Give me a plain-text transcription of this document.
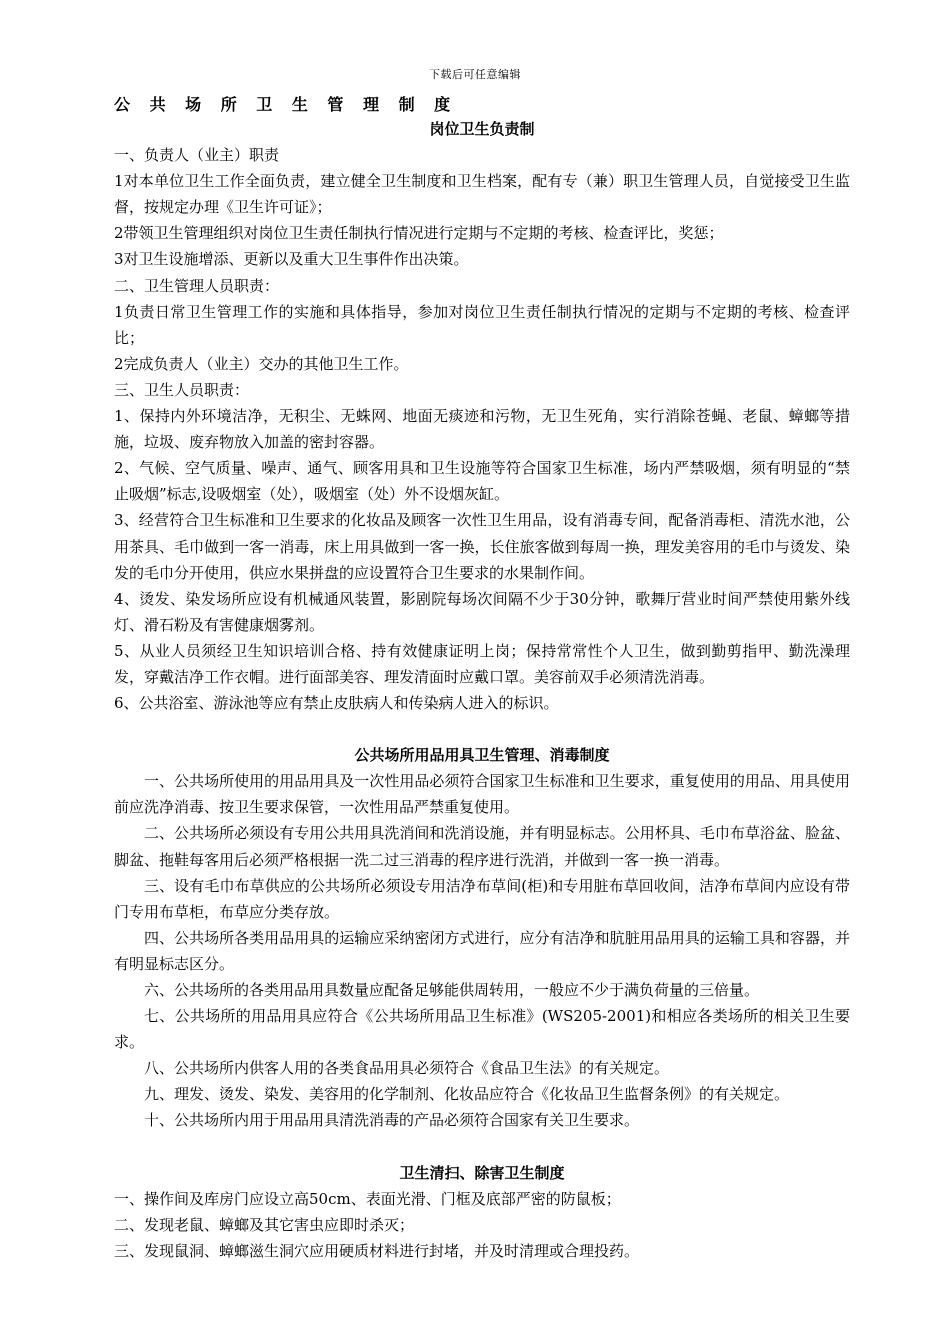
下载后可任意编辑
公 共 场 所 卫 生 管 理 制 度

岗位卫生负责制

一、负责人（业主）职责

1对本单位卫生工作全面负责，建立健全卫生制度和卫生档案，配有专（兼）职卫生管理人员，自觉接受卫生监督，按规定办理《卫生许可证》；

2带领卫生管理组织对岗位卫生责任制执行情况进行定期与不定期的考核、检查评比，奖惩；

3对卫生设施增添、更新以及重大卫生事件作出决策。

二、卫生管理人员职责：

1负责日常卫生管理工作的实施和具体指导，参加对岗位卫生责任制执行情况的定期与不定期的考核、检查评比；

2完成负责人（业主）交办的其他卫生工作。

三、卫生人员职责：

1、保持内外环境洁净，无积尘、无蛛网、地面无痰迹和污物，无卫生死角，实行消除苍蝇、老鼠、蟑螂等措施，垃圾、废弃物放入加盖的密封容器。

2、气候、空气质量、噪声、通气、顾客用具和卫生设施等符合国家卫生标准，场内严禁吸烟，须有明显的“禁止吸烟”标志,设吸烟室（处），吸烟室（处）外不设烟灰缸。

3、经营符合卫生标准和卫生要求的化妆品及顾客一次性卫生用品，设有消毒专间，配备消毒柜、清洗水池，公用茶具、毛巾做到一客一消毒，床上用具做到一客一换，长住旅客做到每周一换，理发美容用的毛巾与烫发、染发的毛巾分开使用，供应水果拼盘的应设置符合卫生要求的水果制作间。

4、烫发、染发场所应设有机械通风装置，影剧院每场次间隔不少于30分钟，歌舞厅营业时间严禁使用紫外线灯、滑石粉及有害健康烟雾剂。

5、从业人员须经卫生知识培训合格、持有效健康证明上岗；保持常常性个人卫生，做到勤剪指甲、勤洗澡理发，穿戴洁净工作衣帽。进行面部美容、理发清面时应戴口罩。美容前双手必须清洗消毒。

6、公共浴室、游泳池等应有禁止皮肤病人和传染病人进入的标识。

公共场所用品用具卫生管理、消毒制度

一、公共场所使用的用品用具及一次性用品必须符合国家卫生标准和卫生要求，重复使用的用品、用具使用前应洗净消毒、按卫生要求保管，一次性用品严禁重复使用。

二、公共场所必须设有专用公共用具洗消间和洗消设施，并有明显标志。公用杯具、毛巾布草浴盆、脸盆、脚盆、拖鞋每客用后必须严格根据一洗二过三消毒的程序进行洗消，并做到一客一换一消毒。

三、设有毛巾布草供应的公共场所必须设专用洁净布草间(柜)和专用脏布草回收间，洁净布草间内应设有带门专用布草柜，布草应分类存放。

四、公共场所各类用品用具的运输应采纳密闭方式进行，应分有洁净和肮脏用品用具的运输工具和容器，并有明显标志区分。

六、公共场所的各类用品用具数量应配备足够能供周转用，一般应不少于满负荷量的三倍量。

七、公共场所的用品用具应符合《公共场所用品卫生标准》(WS205-2001)和相应各类场所的相关卫生要求。

八、公共场所内供客人用的各类食品用具必须符合《食品卫生法》的有关规定。

九、理发、烫发、染发、美容用的化学制剂、化妆品应符合《化妆品卫生监督条例》的有关规定。

十、公共场所内用于用品用具清洗消毒的产品必须符合国家有关卫生要求。

卫生清扫、除害卫生制度

一、操作间及库房门应设立高50cm、表面光滑、门框及底部严密的防鼠板；

二、发现老鼠、蟑螂及其它害虫应即时杀灭；

三、发现鼠洞、蟑螂滋生洞穴应用硬质材料进行封堵，并及时清理或合理投药。
